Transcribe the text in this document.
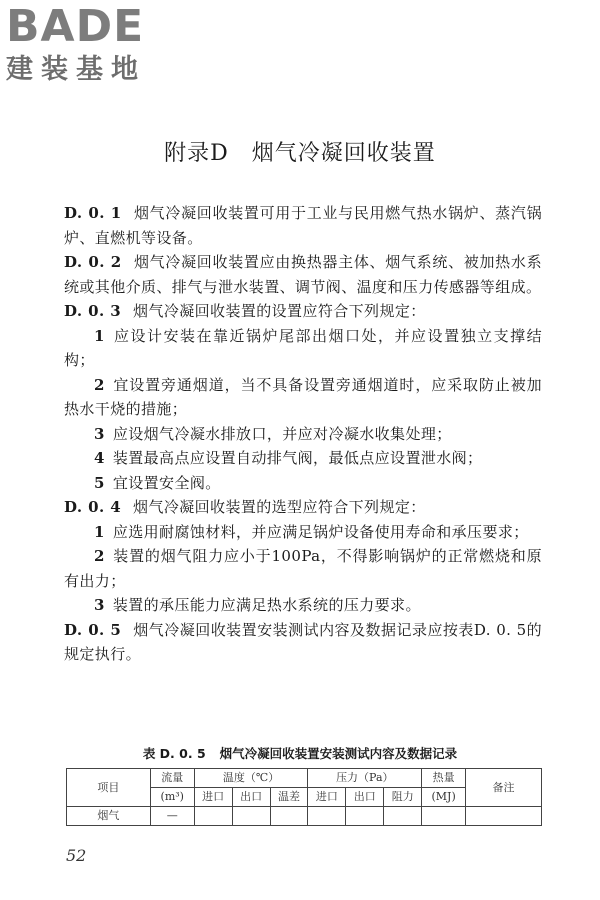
BADE
建装基地
附录D　烟气冷凝回收装置

D. 0. 1 烟气冷凝回收装置可用于工业与民用燃气热水锅炉、蒸汽锅炉、直燃机等设备。

D. 0. 2 烟气冷凝回收装置应由换热器主体、烟气系统、被加热水系统或其他介质、排气与泄水装置、调节阀、温度和压力传感器等组成。

D. 0. 3 烟气冷凝回收装置的设置应符合下列规定：

1 应设计安装在靠近锅炉尾部出烟口处，并应设置独立支撑结构；

2 宜设置旁通烟道，当不具备设置旁通烟道时，应采取防止被加热水干烧的措施；

3 应设烟气冷凝水排放口，并应对冷凝水收集处理；

4 装置最高点应设置自动排气阀，最低点应设置泄水阀；

5 宜设置安全阀。

D. 0. 4 烟气冷凝回收装置的选型应符合下列规定：

1 应选用耐腐蚀材料，并应满足锅炉设备使用寿命和承压要求；

2 装置的烟气阻力应小于100Pa，不得影响锅炉的正常燃烧和原有出力；

3 装置的承压能力应满足热水系统的压力要求。

D. 0. 5 烟气冷凝回收装置安装测试内容及数据记录应按表D. 0. 5的规定执行。

表 D. 0. 5 烟气冷凝回收装置安装测试内容及数据记录
项目	流量	温度（℃）			压力（Pa）			热量	备注
	(m³)	进口	出口	温差	进口	出口	阻力	(MJ)	
烟气	—								
52
